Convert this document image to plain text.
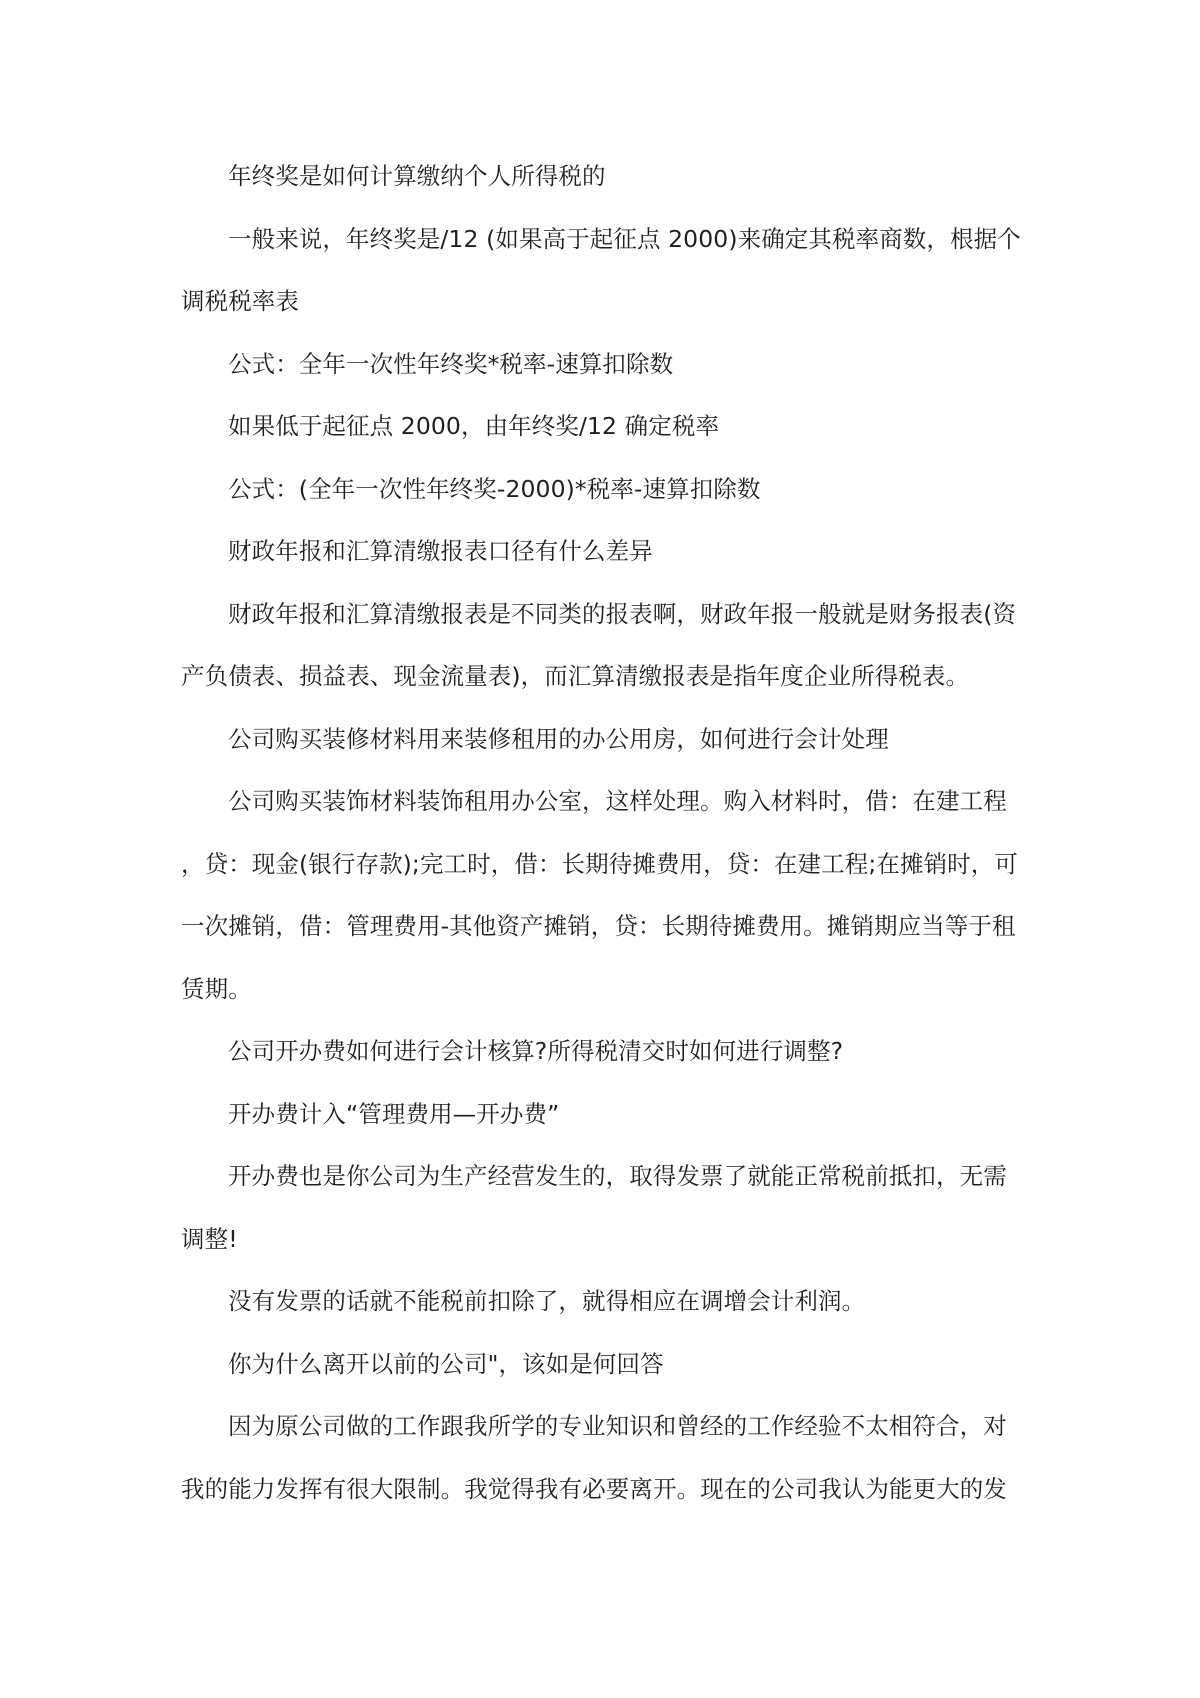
年终奖是如何计算缴纳个人所得税的

一般来说，年终奖是/12 (如果高于起征点 2000)来确定其税率商数，根据个调税税率表

公式：全年一次性年终奖*税率-速算扣除数

如果低于起征点 2000，由年终奖/12 确定税率

公式：(全年一次性年终奖-2000)*税率-速算扣除数

财政年报和汇算清缴报表口径有什么差异

财政年报和汇算清缴报表是不同类的报表啊，财政年报一般就是财务报表(资产负债表、损益表、现金流量表)，而汇算清缴报表是指年度企业所得税表。

公司购买装修材料用来装修租用的办公用房，如何进行会计处理

公司购买装饰材料装饰租用办公室，这样处理。购入材料时，借：在建工程，贷：现金(银行存款);完工时，借：长期待摊费用，贷：在建工程;在摊销时，可一次摊销，借：管理费用-其他资产摊销，贷：长期待摊费用。摊销期应当等于租赁期。

公司开办费如何进行会计核算?所得税清交时如何进行调整?

开办费计入“管理费用—开办费”

开办费也是你公司为生产经营发生的，取得发票了就能正常税前抵扣，无需调整!

没有发票的话就不能税前扣除了，就得相应在调增会计利润。

你为什么离开以前的公司"，该如是何回答

因为原公司做的工作跟我所学的专业知识和曾经的工作经验不太相符合，对我的能力发挥有很大限制。我觉得我有必要离开。现在的公司我认为能更大的发
